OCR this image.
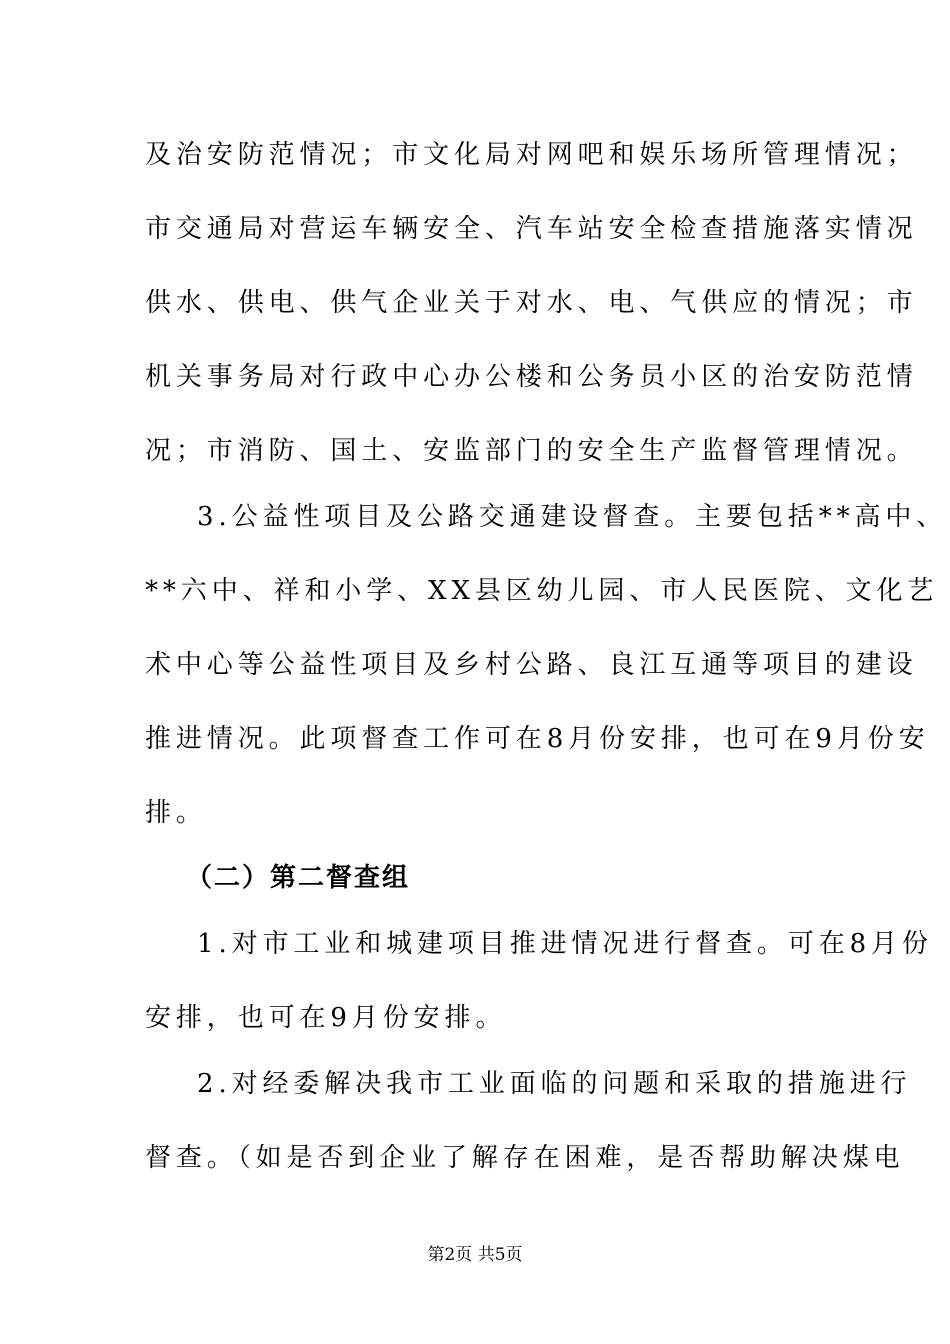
及治安防范情况；市文化局对网吧和娱乐场所管理情况；
市交通局对营运车辆安全、汽车站安全检查措施落实情况
供水、供电、供气企业关于对水、电、气供应的情况；市
机关事务局对行政中心办公楼和公务员小区的治安防范情
况；市消防、国土、安监部门的安全生产监督管理情况。
3.公益性项目及公路交通建设督查。主要包括**高中、
**六中、祥和小学、XX县区幼儿园、市人民医院、文化艺
术中心等公益性项目及乡村公路、良江互通等项目的建设
推进情况。此项督查工作可在8月份安排，也可在9月份安
排。
（二）第二督查组
1.对市工业和城建项目推进情况进行督查。可在8月份
安排，也可在9月份安排。
2.对经委解决我市工业面临的问题和采取的措施进行
督查。（如是否到企业了解存在困难，是否帮助解决煤电
第2页 共5页
